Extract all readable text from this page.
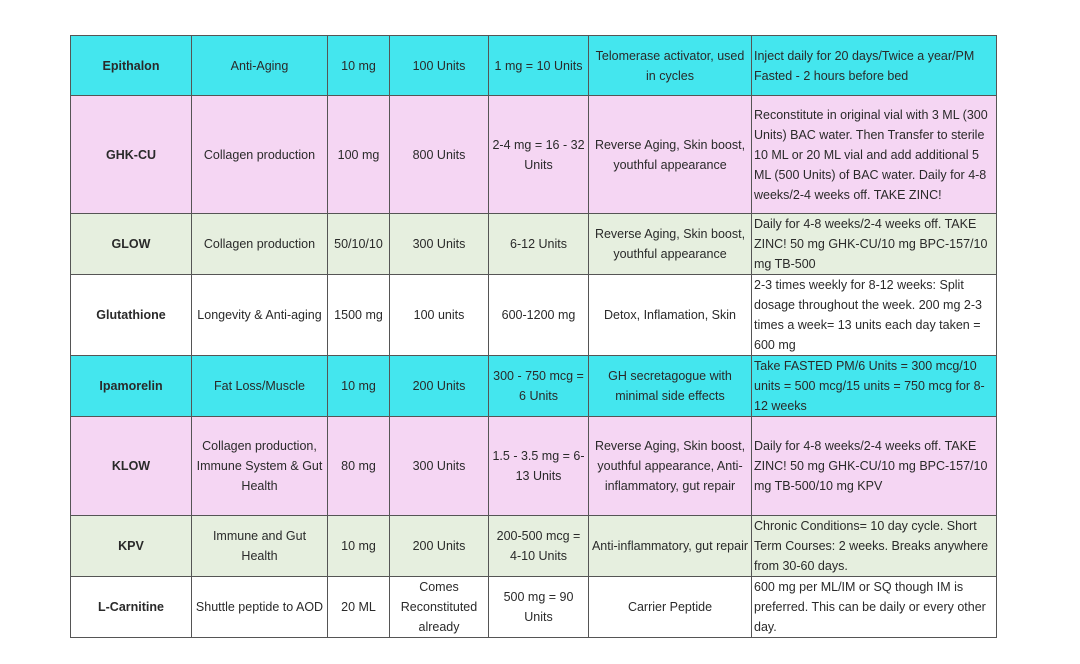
Epithalon	Anti-Aging	10 mg	100 Units	1 mg = 10 Units	Telomerase activator, used in cycles	Inject daily for 20 days/Twice a year/PM Fasted - 2 hours before bed
GHK-CU	Collagen production	100 mg	800 Units	2-4 mg = 16 - 32 Units	Reverse Aging, Skin boost, youthful appearance	Reconstitute in original vial with 3 ML (300 Units) BAC water. Then Transfer to sterile 10 ML or 20 ML vial and add additional 5 ML (500 Units) of BAC water. Daily for 4-8 weeks/2-4 weeks off. TAKE ZINC!
GLOW	Collagen production	50/10/10	300 Units	6-12 Units	Reverse Aging, Skin boost, youthful appearance	Daily for 4-8 weeks/2-4 weeks off. TAKE ZINC! 50 mg GHK-CU/10 mg BPC-157/10 mg TB-500
Glutathione	Longevity & Anti-aging	1500 mg	100 units	600-1200 mg	Detox, Inflamation, Skin	2-3 times weekly for 8-12 weeks: Split dosage throughout the week. 200 mg 2-3 times a week= 13 units each day taken = 600 mg
Ipamorelin	Fat Loss/Muscle	10 mg	200 Units	300 - 750 mcg = 6 Units	GH secretagogue with minimal side effects	Take FASTED PM/6 Units = 300 mcg/10 units = 500 mcg/15 units = 750 mcg for 8-12 weeks
KLOW	Collagen production, Immune System & Gut Health	80 mg	300 Units	1.5 - 3.5 mg = 6-13 Units	Reverse Aging, Skin boost, youthful appearance, Anti-inflammatory, gut repair	Daily for 4-8 weeks/2-4 weeks off. TAKE ZINC! 50 mg GHK-CU/10 mg BPC-157/10 mg TB-500/10 mg KPV
KPV	Immune and Gut Health	10 mg	200 Units	200-500 mcg = 4-10 Units	Anti-inflammatory, gut repair	Chronic Conditions= 10 day cycle. Short Term Courses: 2 weeks. Breaks anywhere from 30-60 days.
L-Carnitine	Shuttle peptide to AOD	20 ML	Comes Reconstituted already	500 mg = 90 Units	Carrier Peptide	600 mg per ML/IM or SQ though IM is preferred. This can be daily or every other day.
